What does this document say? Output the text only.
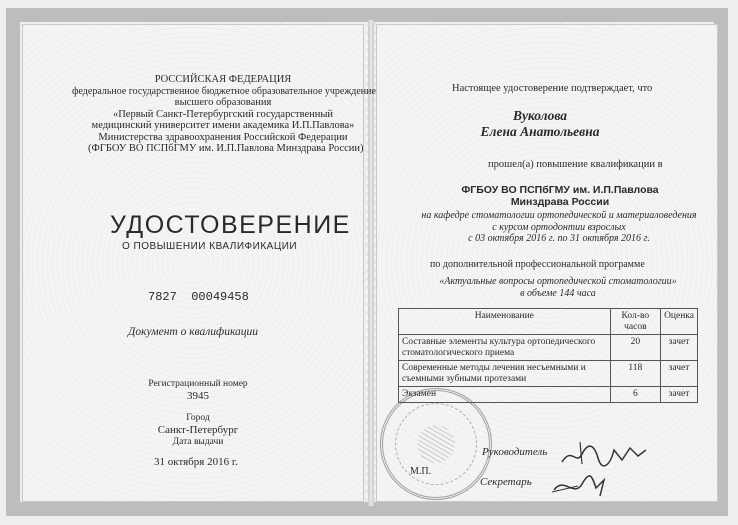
РОССИЙСКАЯ ФЕДЕРАЦИЯ
федеральное государственное бюджетное образовательное учреждение
высшего образования
«Первый Санкт-Петербургский государственный
медицинский университет имени академика И.П.Павлова»
Министерства здравоохранения Российской Федерации
(ФГБОУ ВО ПСПбГМУ им. И.П.Павлова Минздрава России)
УДОСТОВЕРЕНИЕ
О ПОВЫШЕНИИ КВАЛИФИКАЦИИ
7827 00049458
Документ о квалификации
Регистрационный номер
3945
Город
Санкт-Петербург
Дата выдачи
31 октября 2016 г.
Настоящее удостоверение подтверждает, что
Вуколова
Елена Анатольевна
прошел(а) повышение квалификации в
ФГБОУ ВО ПСПбГМУ им. И.П.Павлова
Минздрава России
на кафедре стоматологии ортопедической и материаловедения
с курсом ортодонтии взрослых
с 03 октября 2016 г. по 31 октября 2016 г.
по дополнительной профессиональной программе
«Актуальные вопросы ортопедической стоматологии»
в объеме 144 часа
Наименование	Кол-во часов	Оценка
Составные элементы культура ортопедического стоматологического приема	20	зачет
Современные методы лечения несъемными и съемными зубными протезами	118	зачет
Экзамен	6	зачет
М.П.
Руководитель
Секретарь
